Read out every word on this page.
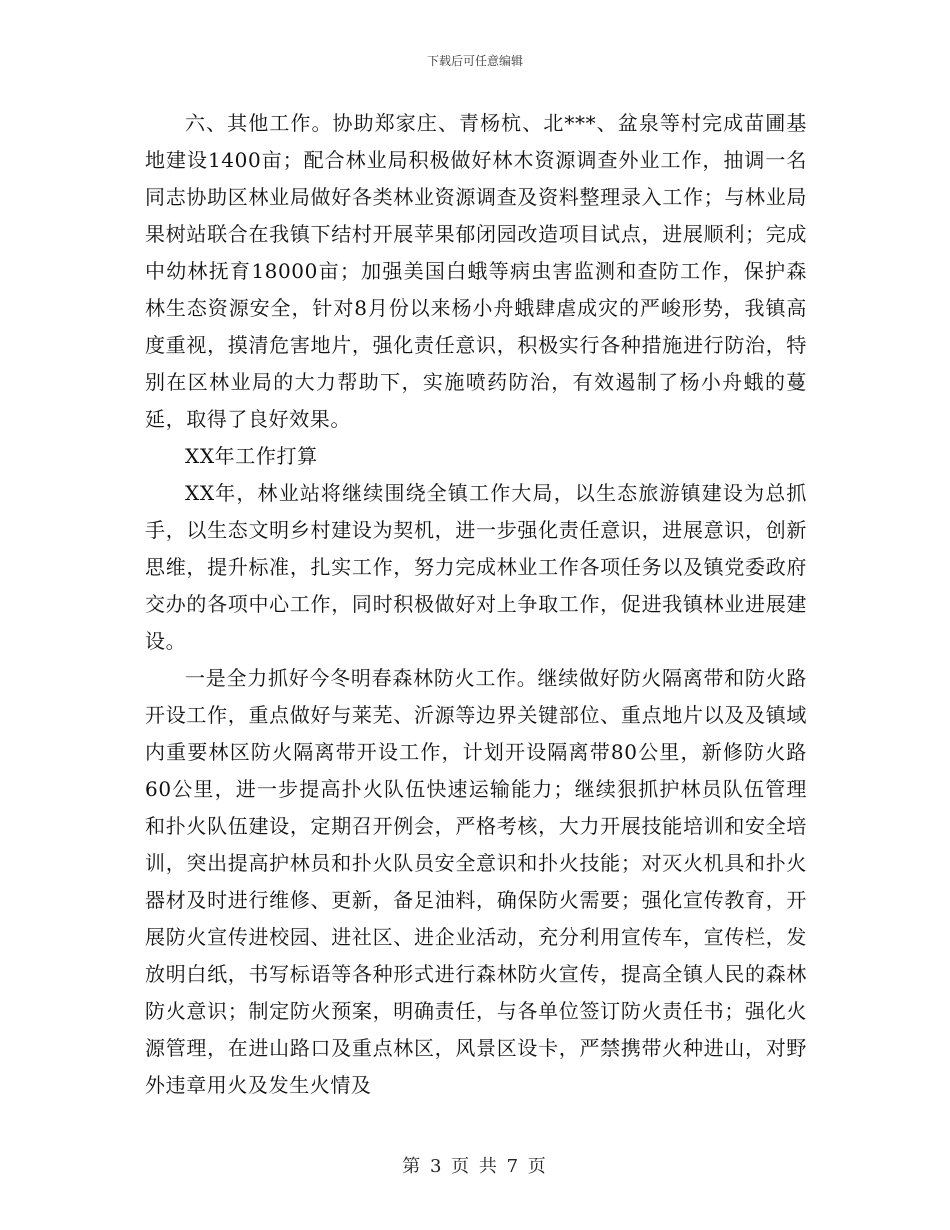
下载后可任意编辑

六、其他工作。协助郑家庄、青杨杭、北***、盆泉等村完成苗圃基地建设1400亩；配合林业局积极做好林木资源调查外业工作，抽调一名同志协助区林业局做好各类林业资源调查及资料整理录入工作；与林业局果树站联合在我镇下结村开展苹果郁闭园改造项目试点，进展顺利；完成中幼林抚育18000亩；加强美国白蛾等病虫害监测和查防工作，保护森林生态资源安全，针对8月份以来杨小舟蛾肆虐成灾的严峻形势，我镇高度重视，摸清危害地片，强化责任意识，积极实行各种措施进行防治，特别在区林业局的大力帮助下，实施喷药防治，有效遏制了杨小舟蛾的蔓延，取得了良好效果。

XX年工作打算

XX年，林业站将继续围绕全镇工作大局，以生态旅游镇建设为总抓手，以生态文明乡村建设为契机，进一步强化责任意识，进展意识，创新思维，提升标准，扎实工作，努力完成林业工作各项任务以及镇党委政府交办的各项中心工作，同时积极做好对上争取工作，促进我镇林业进展建设。

一是全力抓好今冬明春森林防火工作。继续做好防火隔离带和防火路开设工作，重点做好与莱芜、沂源等边界关键部位、重点地片以及及镇域内重要林区防火隔离带开设工作，计划开设隔离带80公里，新修防火路60公里，进一步提高扑火队伍快速运输能力；继续狠抓护林员队伍管理和扑火队伍建设，定期召开例会，严格考核，大力开展技能培训和安全培训，突出提高护林员和扑火队员安全意识和扑火技能；对灭火机具和扑火器材及时进行维修、更新，备足油料，确保防火需要；强化宣传教育，开展防火宣传进校园、进社区、进企业活动，充分利用宣传车，宣传栏，发放明白纸，书写标语等各种形式进行森林防火宣传，提高全镇人民的森林防火意识；制定防火预案，明确责任，与各单位签订防火责任书；强化火源管理，在进山路口及重点林区，风景区设卡，严禁携带火种进山，对野外违章用火及发生火情及

第 3 页 共 7 页
